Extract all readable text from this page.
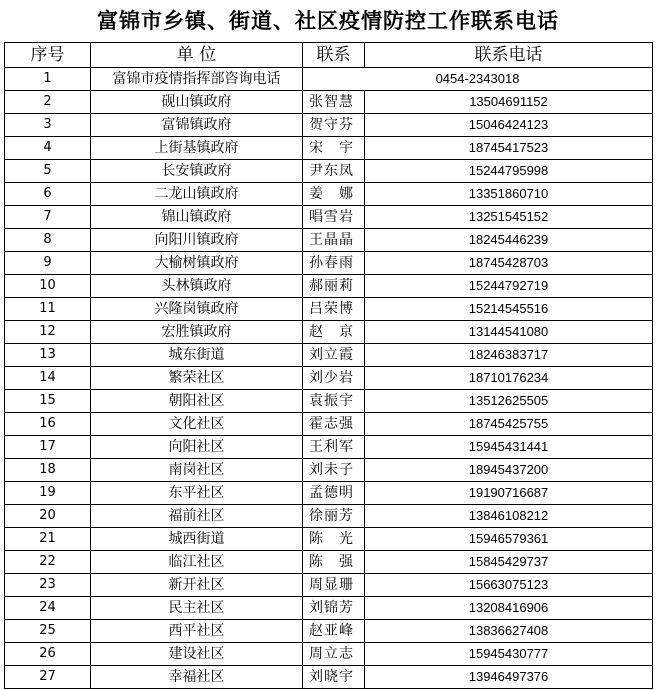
富锦市乡镇、街道、社区疫情防控工作联系电话
序号	单 位	联系	联系电话
1	富锦市疫情指挥部咨询电话	0454-2343018	
2	砚山镇政府	张智慧	13504691152
3	富锦镇政府	贺守芬	15046424123
4	上街基镇政府	宋　宇	18745417523
5	长安镇政府	尹东凤	15244795998
6	二龙山镇政府	姜　娜	13351860710
7	锦山镇政府	唱雪岩	13251545152
8	向阳川镇政府	王晶晶	18245446239
9	大榆树镇政府	孙春雨	18745428703
10	头林镇政府	郝丽莉	15244792719
11	兴隆岗镇政府	吕荣博	15214545516
12	宏胜镇政府	赵　京	13144541080
13	城东街道	刘立霞	18246383717
14	繁荣社区	刘少岩	18710176234
15	朝阳社区	袁振宇	13512625505
16	文化社区	霍志强	18745425755
17	向阳社区	王利军	15945431441
18	南岗社区	刘未子	18945437200
19	东平社区	孟德明	19190716687
20	福前社区	徐丽芳	13846108212
21	城西街道	陈　光	15946579361
22	临江社区	陈　强	15845429737
23	新开社区	周显珊	15663075123
24	民主社区	刘锦芳	13208416906
25	西平社区	赵亚峰	13836627408
26	建设社区	周立志	15945430777
27	幸福社区	刘晓宇	13946497376
